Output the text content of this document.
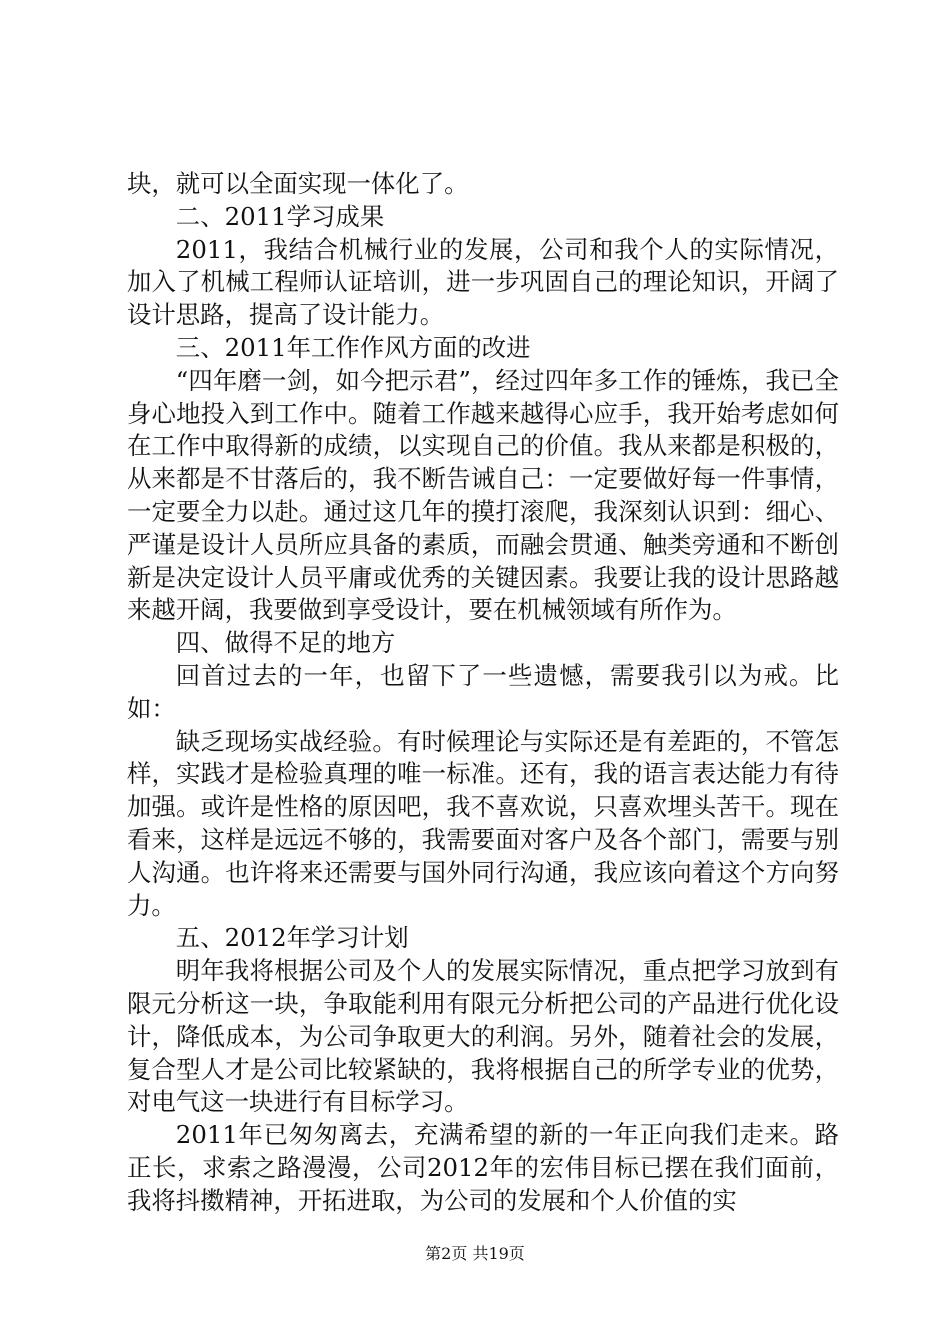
块，就可以全面实现一体化了。

二、2011学习成果

2011，我结合机械行业的发展，公司和我个人的实际情况，加入了机械工程师认证培训，进一步巩固自己的理论知识，开阔了设计思路，提高了设计能力。

三、2011年工作作风方面的改进

“四年磨一剑，如今把示君”，经过四年多工作的锤炼，我已全身心地投入到工作中。随着工作越来越得心应手，我开始考虑如何在工作中取得新的成绩，以实现自己的价值。我从来都是积极的，从来都是不甘落后的，我不断告诫自己：一定要做好每一件事情，一定要全力以赴。通过这几年的摸打滚爬，我深刻认识到：细心、严谨是设计人员所应具备的素质，而融会贯通、触类旁通和不断创新是决定设计人员平庸或优秀的关键因素。我要让我的设计思路越来越开阔，我要做到享受设计，要在机械领域有所作为。

四、做得不足的地方

回首过去的一年，也留下了一些遗憾，需要我引以为戒。比如：

缺乏现场实战经验。有时候理论与实际还是有差距的，不管怎样，实践才是检验真理的唯一标准。还有，我的语言表达能力有待加强。或许是性格的原因吧，我不喜欢说，只喜欢埋头苦干。现在看来，这样是远远不够的，我需要面对客户及各个部门，需要与别人沟通。也许将来还需要与国外同行沟通，我应该向着这个方向努力。

五、2012年学习计划

明年我将根据公司及个人的发展实际情况，重点把学习放到有限元分析这一块，争取能利用有限元分析把公司的产品进行优化设计，降低成本，为公司争取更大的利润。另外，随着社会的发展，复合型人才是公司比较紧缺的，我将根据自己的所学专业的优势，对电气这一块进行有目标学习。

2011年已匆匆离去，充满希望的新的一年正向我们走来。路正长，求索之路漫漫，公司2012年的宏伟目标已摆在我们面前，我将抖擞精神，开拓进取，为公司的发展和个人价值的实

第2页 共19页
